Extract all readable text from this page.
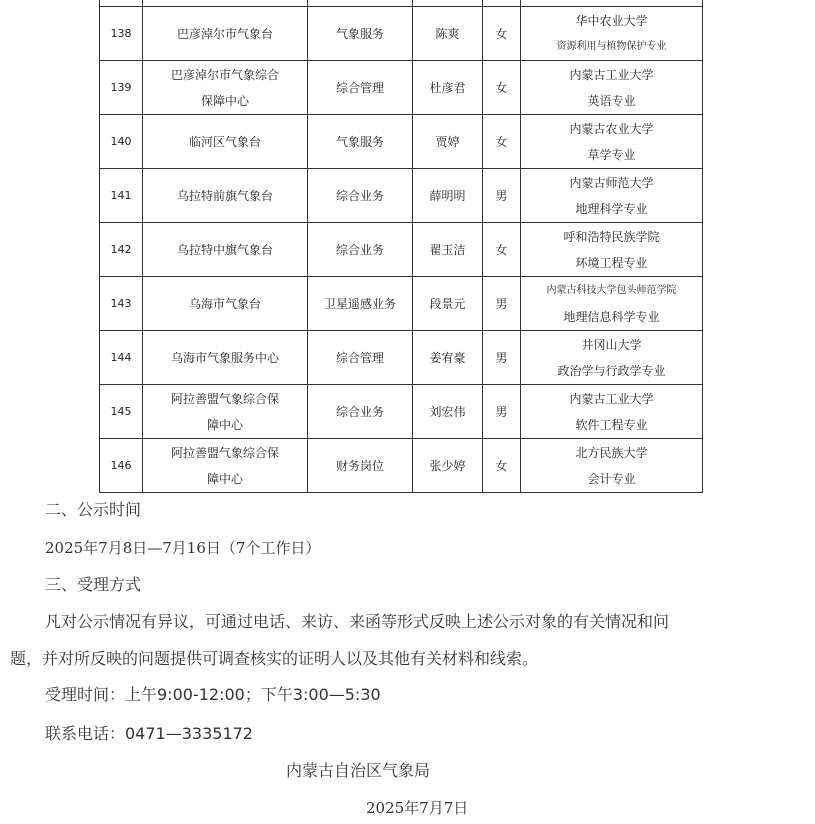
138	巴彦淖尔市气象台	气象服务	陈爽	女	华中农业大学
资源利用与植物保护专业

139	巴彦淖尔市气象综合
保障中心	综合管理	杜彦君	女	内蒙古工业大学
英语专业

140	临河区气象台	气象服务	贾婷	女	内蒙古农业大学
草学专业

141	乌拉特前旗气象台	综合业务	薛明明	男	内蒙古师范大学
地理科学专业

142	乌拉特中旗气象台	综合业务	翟玉洁	女	呼和浩特民族学院
环境工程专业

143	乌海市气象台	卫星遥感业务	段景元	男	内蒙古科技大学包头师范学院
地理信息科学专业

144	乌海市气象服务中心	综合管理	姜宥豪	男	井冈山大学
政治学与行政学专业

145	阿拉善盟气象综合保
障中心	综合业务	刘宏伟	男	内蒙古工业大学
软件工程专业

146	阿拉善盟气象综合保
障中心	财务岗位	张少婷	女	北方民族大学
会计专业

二、公示时间

2025年7月8日—7月16日（7个工作日）

三、受理方式

凡对公示情况有异议，可通过电话、来访、来函等形式反映上述公示对象的有关情况和问

题，并对所反映的问题提供可调查核实的证明人以及其他有关材料和线索。

受理时间：上午9:00-12:00；下午3:00—5:30

联系电话：0471—3335172

内蒙古自治区气象局

2025年7月7日
